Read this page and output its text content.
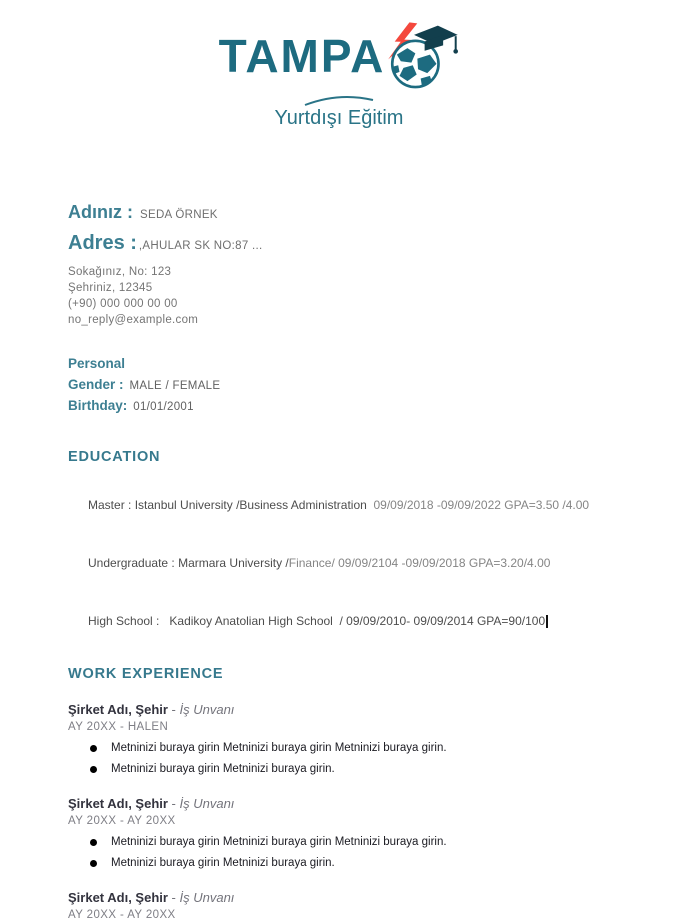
TAMPA
Yurtdışı Eğitim
Adınız : SEDA ÖRNEK
Adres : ,AHULAR SK NO:87 ...
Sokağınız, No: 123
Şehriniz, 12345
(+90) 000 000 00 00
no_reply@example.com
Personal
Gender : MALE / FEMALE
Birthday: 01/01/2001
EDUCATION

Master : Istanbul University /Business Administration  09/09/2018 -09/09/2022 GPA=3.50 /4.00

Undergraduate : Marmara University /Finance/ 09/09/2104 -09/09/2018 GPA=3.20/4.00

High School :   Kadikoy Anatolian High School  / 09/09/2010- 09/09/2014 GPA=90/100

WORK EXPERIENCE
Şirket Adı, Şehir - İş Unvanı
AY 20XX - HALEN
Metninizi buraya girin Metninizi buraya girin Metninizi buraya girin.
Metninizi buraya girin Metninizi buraya girin.
Şirket Adı, Şehir - İş Unvanı
AY 20XX - AY 20XX
Metninizi buraya girin Metninizi buraya girin Metninizi buraya girin.
Metninizi buraya girin Metninizi buraya girin.
Şirket Adı, Şehir - İş Unvanı
AY 20XX - AY 20XX
